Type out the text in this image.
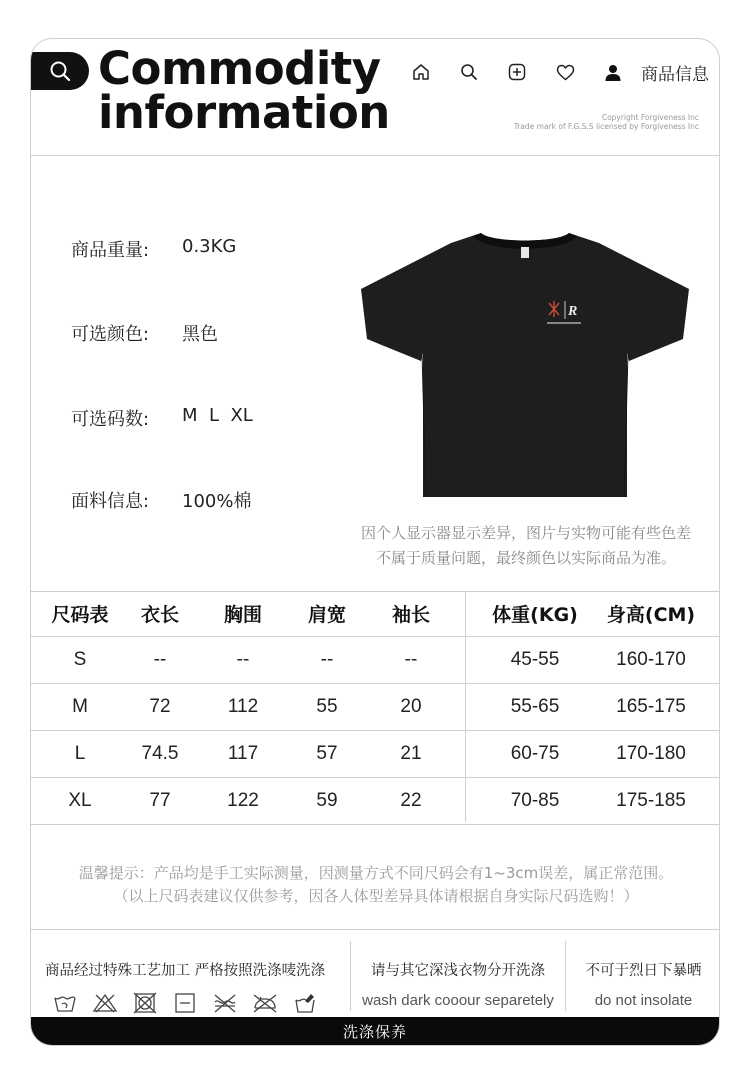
Commodity
information
商品信息
Copyright Forgiveness Inc
Trade mark of F.G.S.S licensed by Forgiveness Inc
商品重量:	0.3KG
可选颜色:	黑色
可选码数:	M  L  XL
面料信息:	100%棉
R
因个人显示器显示差异，图片与实物可能有些色差
不属于质量问题，最终颜色以实际商品为准。
尺码表	衣长	胸围	肩宽	袖长	体重(KG)	身高(CM)
S	--	--	--	--	45-55	160-170
M	72	112	55	20	55-65	165-175
L	74.5	117	57	21	60-75	170-180
XL	77	122	59	22	70-85	175-185
温馨提示：产品均是手工实际测量，因测量方式不同尺码会有1~3cm误差，属正常范围。
（以上尺码表建议仅供参考，因各人体型差异具体请根据自身实际尺码选购！）
商品经过特殊工艺加工 严格按照洗涤唛洗涤	请与其它深浅衣物分开洗涤
wash dark cooour separetely
不可于烈日下暴晒
do not insolate
洗涤保养
